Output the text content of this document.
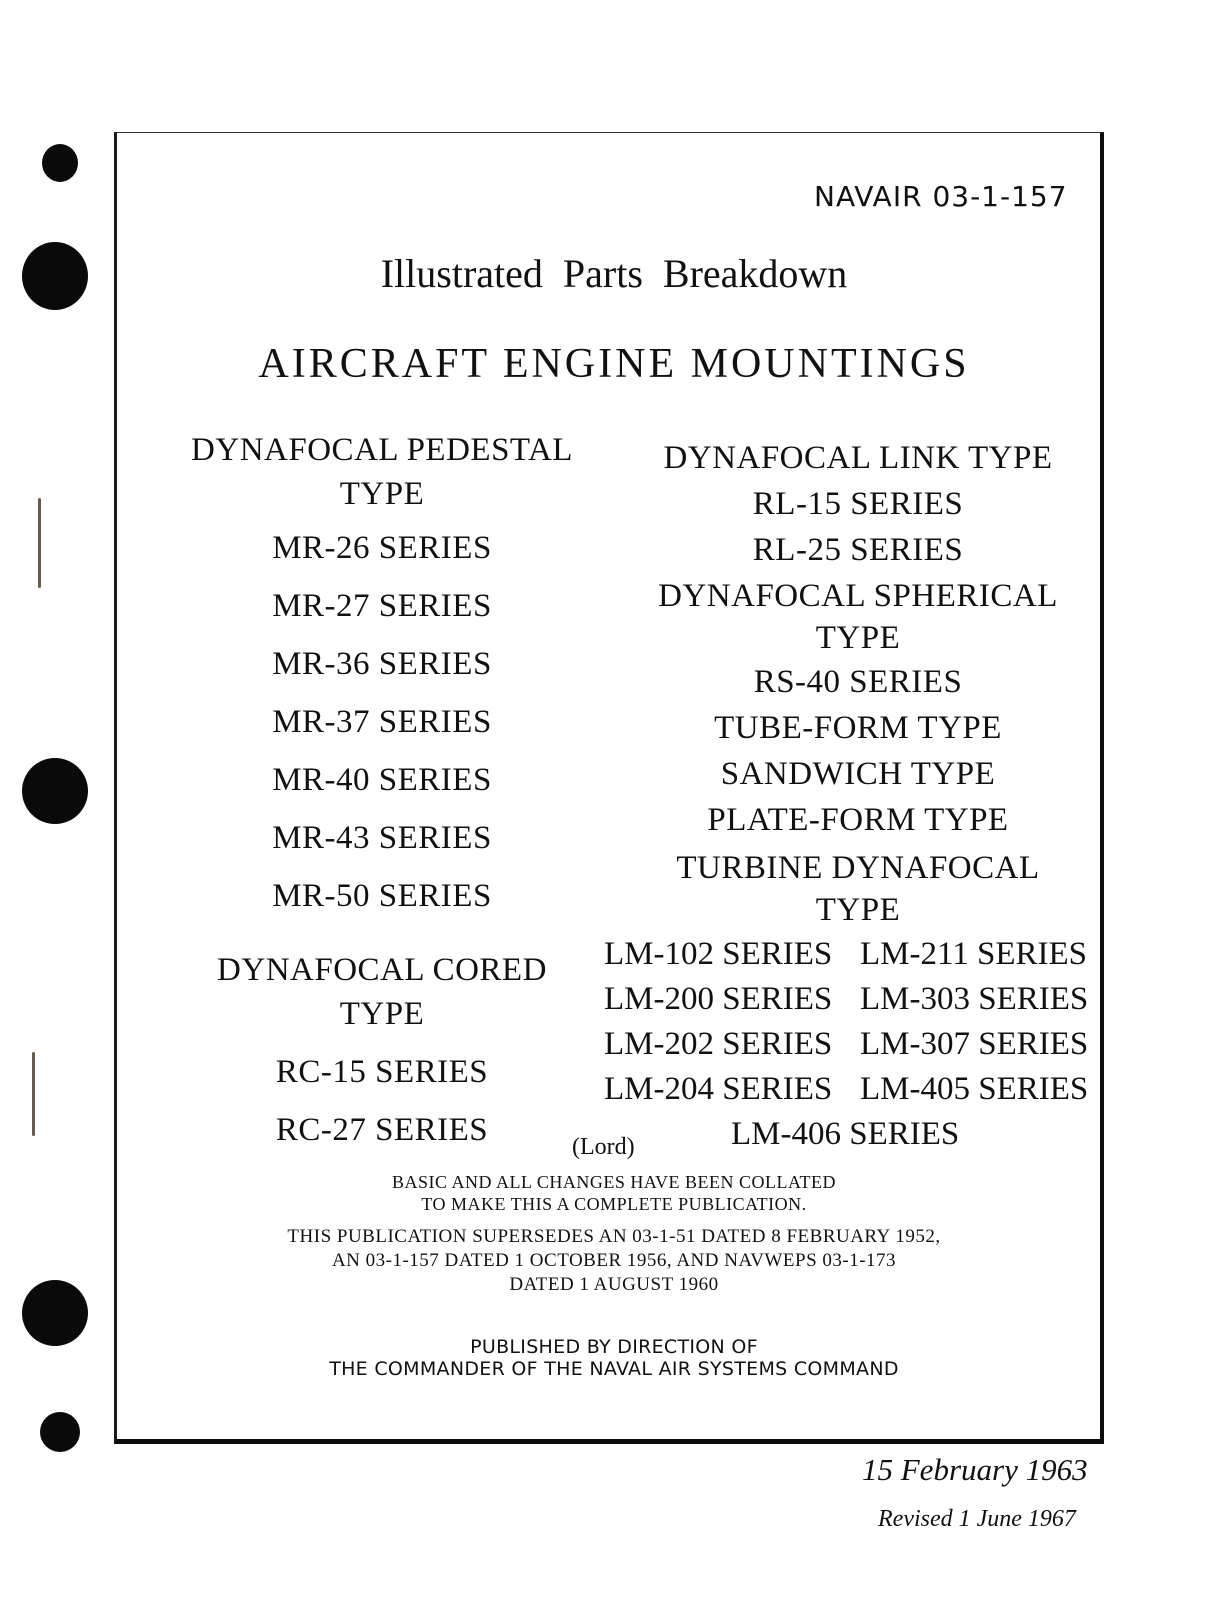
NAVAIR 03-1-157
Illustrated Parts Breakdown
AIRCRAFT ENGINE MOUNTINGS
DYNAFOCAL PEDESTAL
TYPE
MR-26 SERIES
MR-27 SERIES
MR-36 SERIES
MR-37 SERIES
MR-40 SERIES
MR-43 SERIES
MR-50 SERIES
DYNAFOCAL CORED
TYPE
RC-15 SERIES
RC-27 SERIES
DYNAFOCAL LINK TYPE
RL-15 SERIES
RL-25 SERIES
DYNAFOCAL SPHERICAL
TYPE
RS-40 SERIES
TUBE-FORM TYPE
SANDWICH TYPE
PLATE-FORM TYPE
TURBINE DYNAFOCAL
TYPE
LM-102 SERIES LM-211 SERIES
LM-200 SERIES LM-303 SERIES
LM-202 SERIES LM-307 SERIES
LM-204 SERIES LM-405 SERIES
LM-406 SERIES
(Lord)
BASIC AND ALL CHANGES HAVE BEEN COLLATED
TO MAKE THIS A COMPLETE PUBLICATION.
THIS PUBLICATION SUPERSEDES AN 03-1-51 DATED 8 FEBRUARY 1952,
AN 03-1-157 DATED 1 OCTOBER 1956, AND NAVWEPS 03-1-173
DATED 1 AUGUST 1960
PUBLISHED BY DIRECTION OF
THE COMMANDER OF THE NAVAL AIR SYSTEMS COMMAND
15 February 1963
Revised 1 June 1967
